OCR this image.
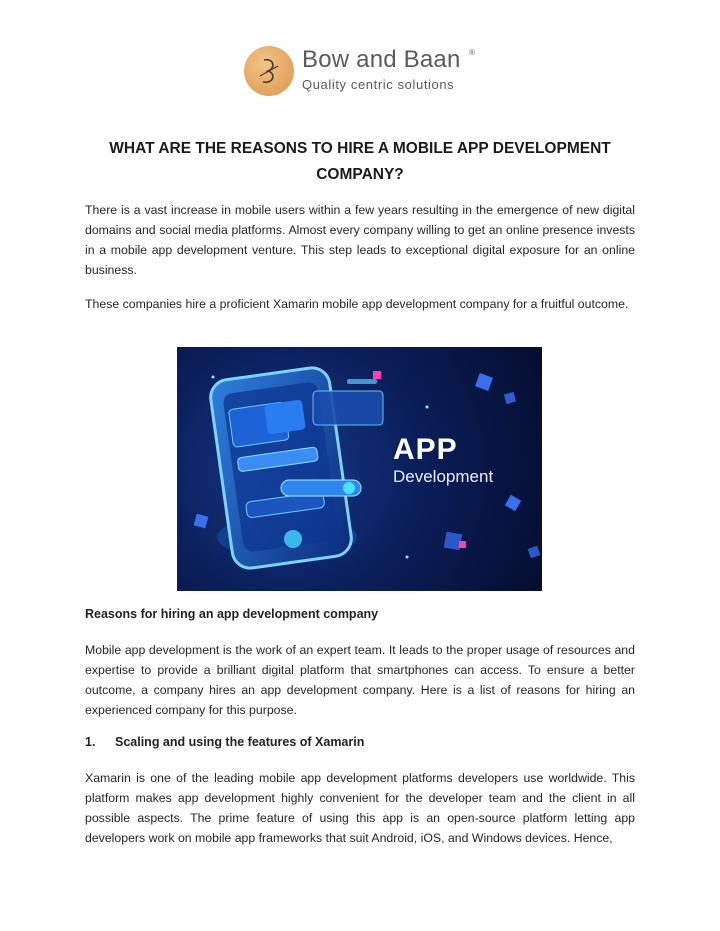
Bow and Baan ®
Quality centric solutions
WHAT ARE THE REASONS TO HIRE A MOBILE APP DEVELOPMENT COMPANY?

There is a vast increase in mobile users within a few years resulting in the emergence of new digital domains and social media platforms. Almost every company willing to get an online presence invests in a mobile app development venture. This step leads to exceptional digital exposure for an online business.

These companies hire a proficient Xamarin mobile app development company for a fruitful outcome.

APP
Development
Reasons for hiring an app development company

Mobile app development is the work of an expert team. It leads to the proper usage of resources and expertise to provide a brilliant digital platform that smartphones can access. To ensure a better outcome, a company hires an app development company. Here is a list of reasons for hiring an experienced company for this purpose.

1. Scaling and using the features of Xamarin

Xamarin is one of the leading mobile app development platforms developers use worldwide. This platform makes app development highly convenient for the developer team and the client in all possible aspects. The prime feature of using this app is an open-source platform letting app developers work on mobile app frameworks that suit Android, iOS, and Windows devices. Hence,
